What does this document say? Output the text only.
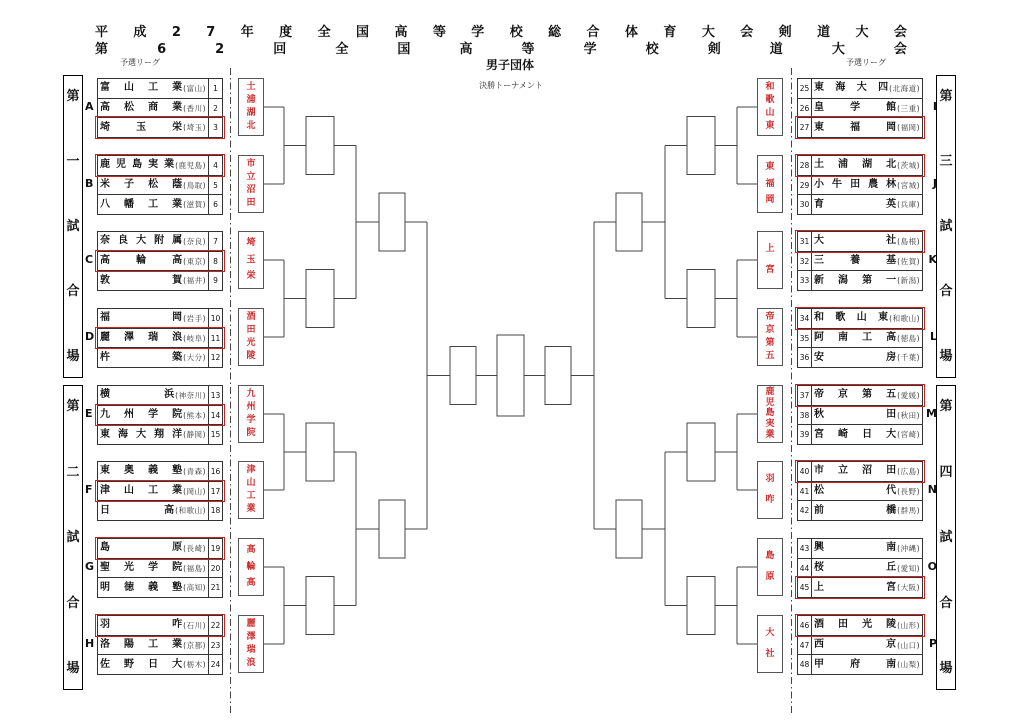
平 成 2 7 年 度 全 国 高 等 学 校 総 合 体 育 大 会 剣 道 大 会
第	6	2	回	全	国	高	等	学	校	剣	道	大	会
予選リーグ	予選リーグ
男子団体
決勝トーナメント
第
一
試
合
場
第
二
試
合
場
第
三
試
合
場
第
四
試
合
場
A
富 山 工 業 (富山) 1
高 松 商 業 (香川) 2
埼	玉	栄 (埼玉) 3
B
鹿 児 島 実 業 (鹿児島) 4
米 子 松 蔭 (鳥取) 5
八 幡 工 業 (滋賀) 6
C
奈 良 大 附 属 (奈良) 7
高	輪	高 (東京) 8
敦	賀 (福井) 9
D
福	岡 (岩手) 10
麗 澤 瑞 浪 (岐阜) 11
杵	築 (大分) 12
E
横	浜 (神奈川) 13
九 州 学 院 (熊本) 14
東 海 大 翔 洋 (静岡) 15
F
東 奥 義 塾 (青森) 16
津 山 工 業 (岡山) 17
日	高 (和歌山) 18
G
島	原 (長崎) 19
聖 光 学 院 (福島) 20
明 徳 義 塾 (高知) 21
H
羽	咋 (石川) 22
洛 陽 工 業 (京都) 23
佐 野 日 大 (栃木) 24
I
東 海 大 四 (北海道)
25
皇	学	館 (三重)
26
東	福	岡 (福岡)
27
J
土 浦 湖 北 (茨城)
28
小 牛 田 農 林 (宮城)
29
育	英 (兵庫)
30
K
大	社 (島根)
31
三	養	基 (佐賀)
32
新 潟 第 一 (新潟)
33
L
和 歌 山 東 (和歌山)
34
阿 南 工 高 (徳島)
35
安	房 (千葉)
36
M
帝 京 第 五 (愛媛)
37
秋	田 (秋田)
38
宮 崎 日 大 (宮崎)
39
N
市 立 沼 田 (広島)
40
松	代 (長野)
41
前	橋 (群馬)
42
O
興	南 (沖縄)
43
桜	丘 (愛知)
44
上	宮 (大阪)
45
P
酒 田 光 陵 (山形)
46
西	京 (山口)
47
甲	府	南 (山梨)
48
土
浦
湖
北
市
立
沼
田
埼
玉
栄
酒
田
光
陵
九
州
学
院
津
山
工
業
高
輪
高
麗
澤
瑞
浪
和
歌
山
東
東
福
岡
上
宮
帝
京
第
五
鹿
児
島
実
業
羽
咋
島
原
大
社
